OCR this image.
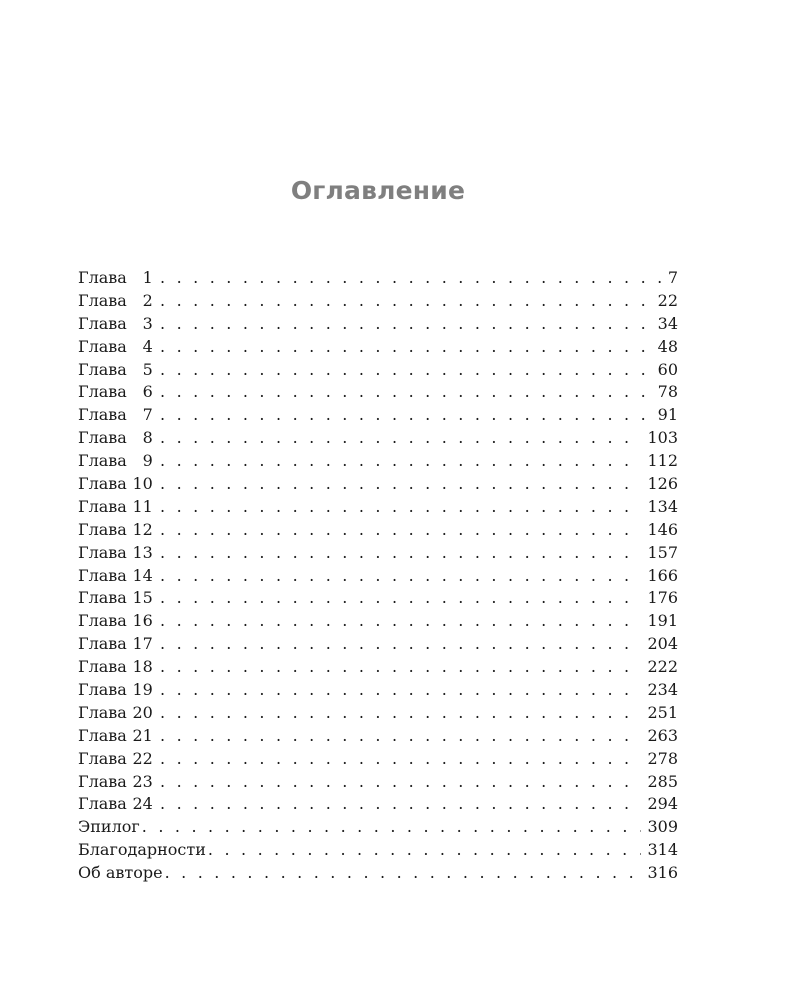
Оглавление
Глава 1 . . .	7
Глава 2 . . .	22
Глава 3 . . .	34
Глава 4 . . .	48
Глава 5 . . .	60
Глава 6 . . .	78
Глава 7 . . .	91
Глава 8 . . .	103
Глава 9 . . .	112
Глава 10 . . .	126
Глава 11 . . .	134
Глава 12 . . .	146
Глава 13 . . .	157
Глава 14 . . .	166
Глава 15 . . .	176
Глава 16 . . .	191
Глава 17 . . .	204
Глава 18 . . .	222
Глава 19 . . .	234
Глава 20 . . .	251
Глава 21 . . .	263
Глава 22 . . .	278
Глава 23 . . .	285
Глава 24 . . .	294
Эпилог . . .	309
Благодарности . . .	314
Об авторе . . .	316
